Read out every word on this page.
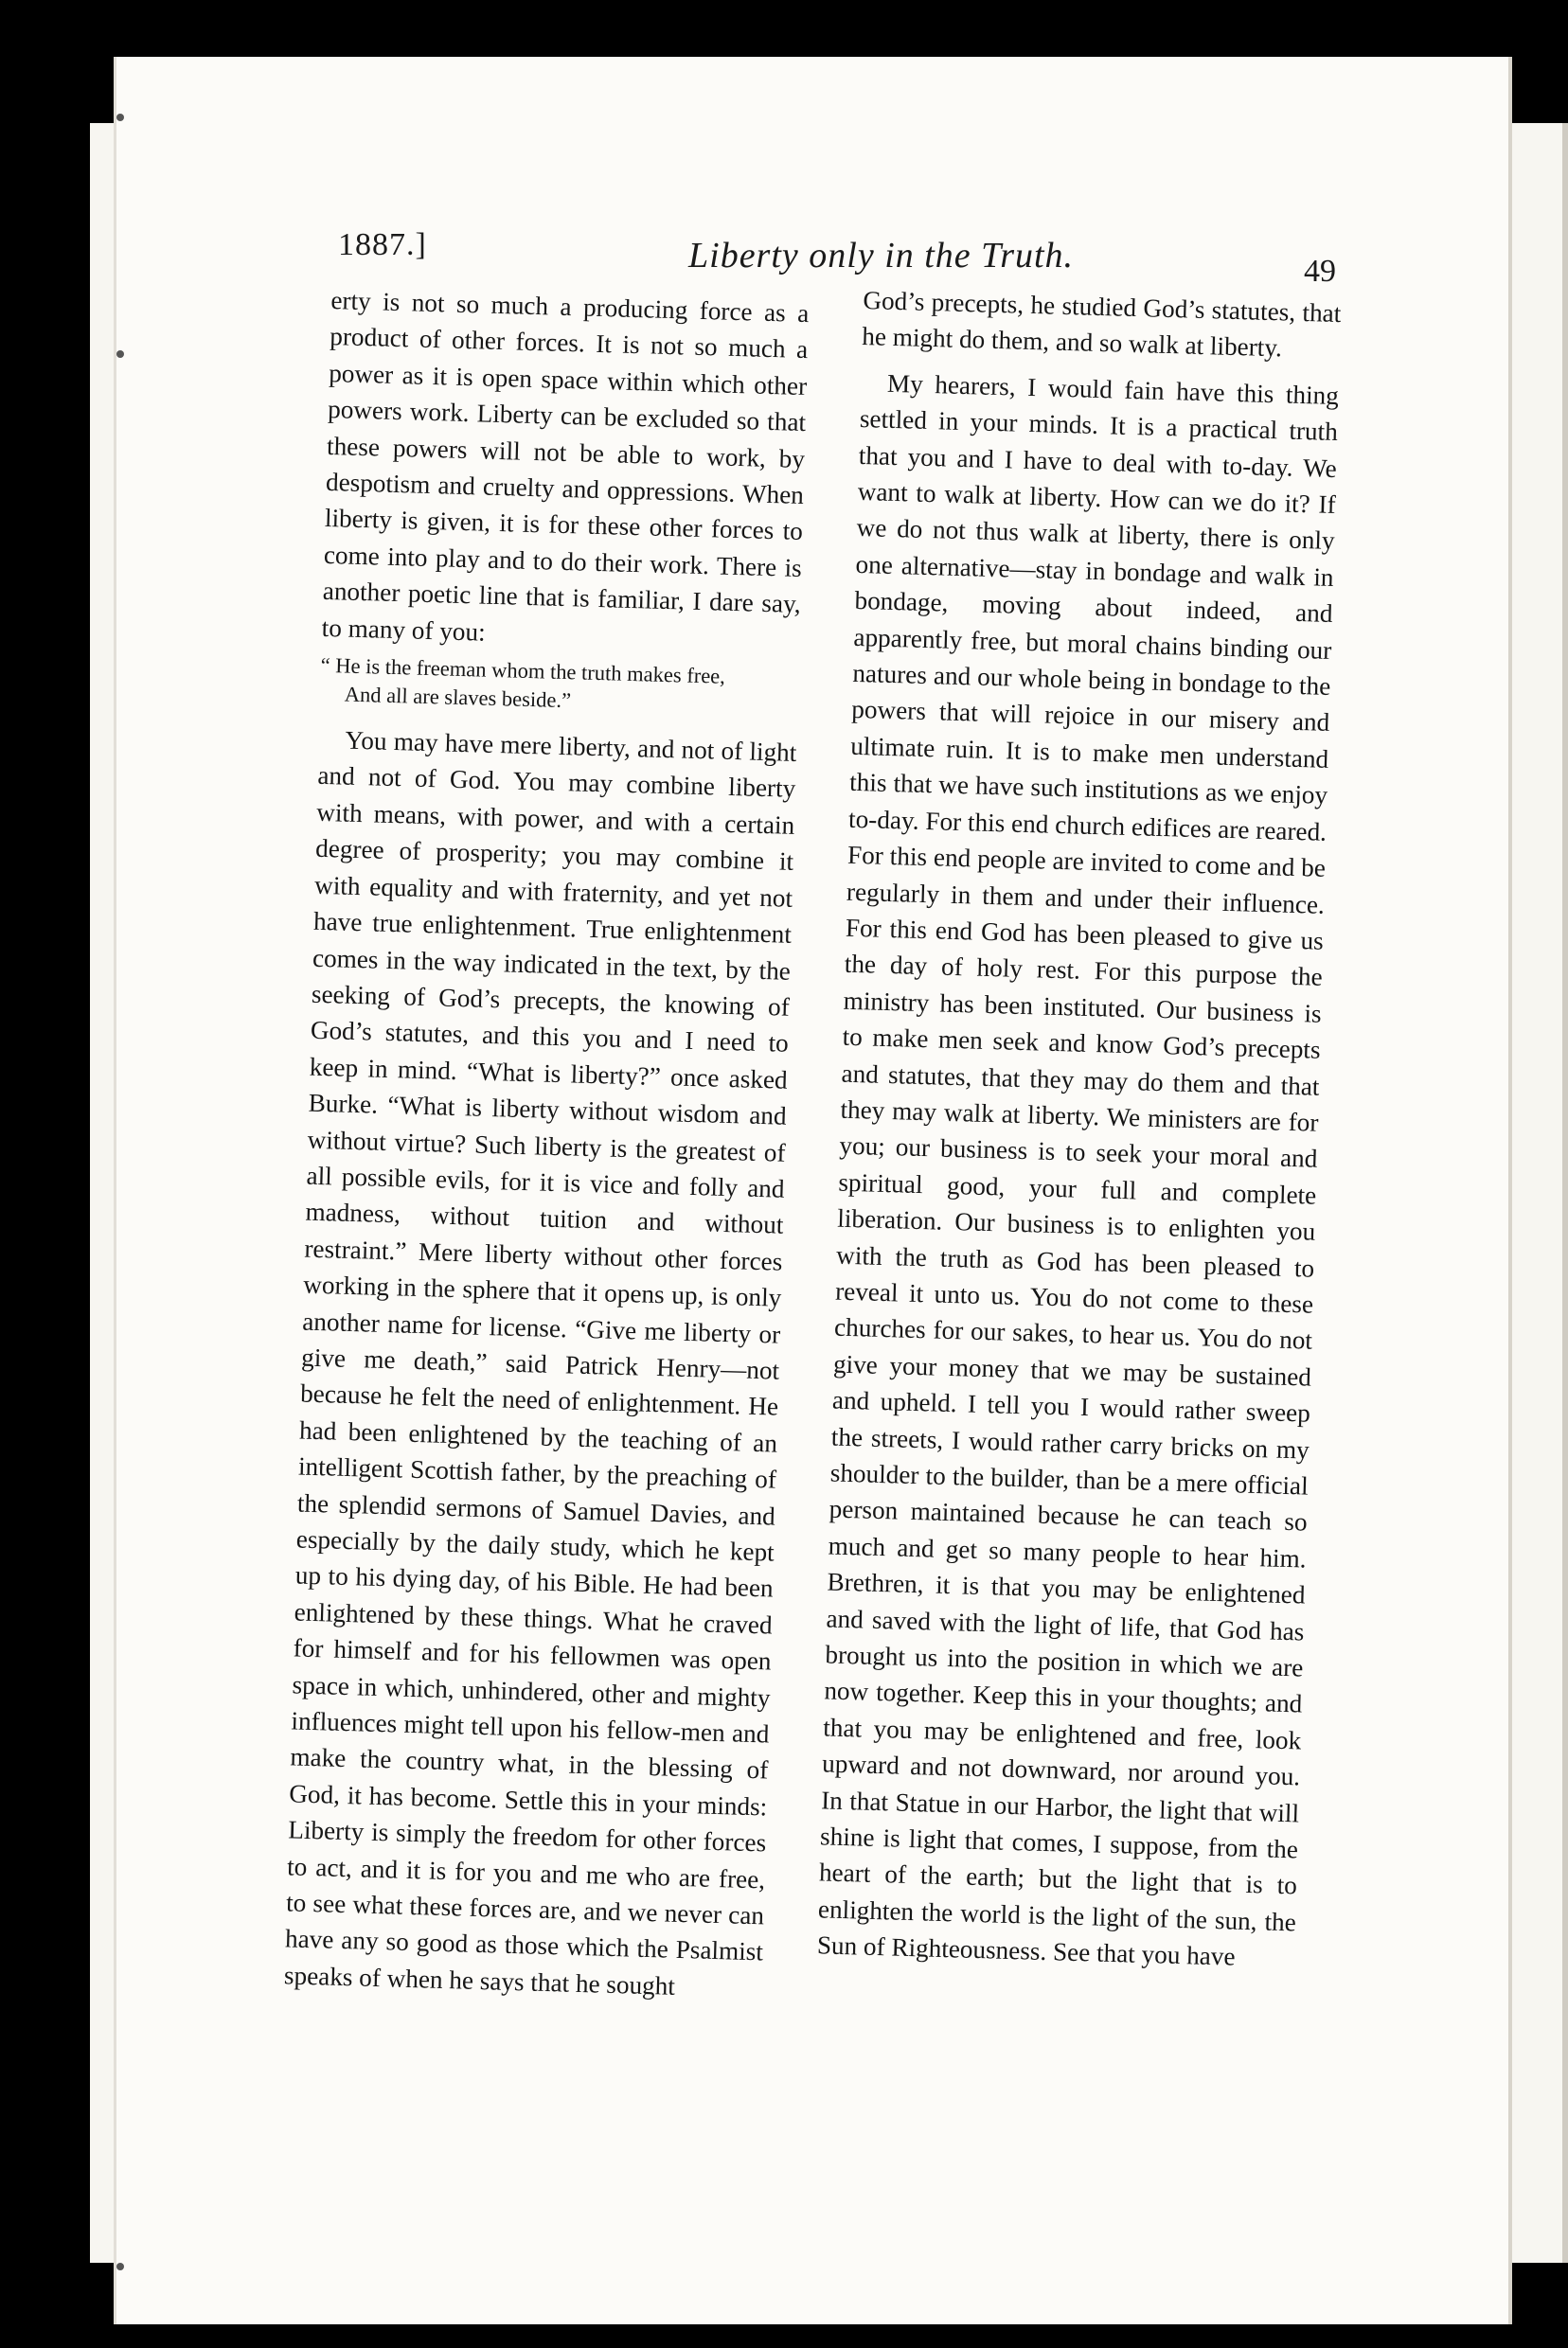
1887.]	Liberty only in the Truth.	49

erty is not so much a producing force as a product of other forces. It is not so much a power as it is open space within which other powers work. Liberty can be excluded so that these powers will not be able to work, by despotism and cruelty and oppressions. When liberty is given, it is for these other forces to come into play and to do their work. There is another poetic line that is familiar, I dare say, to many of you:

“ He is the freeman whom the truth makes free,
And all are slaves beside.”

You may have mere liberty, and not of light and not of God. You may combine liberty with means, with power, and with a certain degree of prosperity; you may combine it with equality and with fraternity, and yet not have true enlightenment. True enlightenment comes in the way indicated in the text, by the seeking of God’s precepts, the knowing of God’s statutes, and this you and I need to keep in mind. “What is liberty?” once asked Burke. “What is liberty without wisdom and without virtue? Such liberty is the greatest of all possible evils, for it is vice and folly and madness, without tuition and without restraint.” Mere liberty without other forces working in the sphere that it opens up, is only another name for license. “Give me liberty or give me death,” said Patrick Henry—not because he felt the need of enlightenment. He had been enlightened by the teaching of an intelligent Scottish father, by the preaching of the splendid sermons of Samuel Davies, and especially by the daily study, which he kept up to his dying day, of his Bible. He had been enlightened by these things. What he craved for himself and for his fellowmen was open space in which, unhindered, other and mighty influences might tell upon his fellow-men and make the country what, in the blessing of God, it has become. Settle this in your minds: Liberty is simply the freedom for other forces to act, and it is for you and me who are free, to see what these forces are, and we never can have any so good as those which the Psalmist speaks of when he says that he sought

God’s precepts, he studied God’s statutes, that he might do them, and so walk at liberty.

My hearers, I would fain have this thing settled in your minds. It is a practical truth that you and I have to deal with to-day. We want to walk at liberty. How can we do it? If we do not thus walk at liberty, there is only one alternative—stay in bondage and walk in bondage, moving about indeed, and apparently free, but moral chains binding our natures and our whole being in bondage to the powers that will rejoice in our misery and ultimate ruin. It is to make men understand this that we have such institutions as we enjoy to-day. For this end church edifices are reared. For this end people are invited to come and be regularly in them and under their influence. For this end God has been pleased to give us the day of holy rest. For this purpose the ministry has been instituted. Our business is to make men seek and know God’s precepts and statutes, that they may do them and that they may walk at liberty. We ministers are for you; our business is to seek your moral and spiritual good, your full and complete liberation. Our business is to enlighten you with the truth as God has been pleased to reveal it unto us. You do not come to these churches for our sakes, to hear us. You do not give your money that we may be sustained and upheld. I tell you I would rather sweep the streets, I would rather carry bricks on my shoulder to the builder, than be a mere official person maintained because he can teach so much and get so many people to hear him. Brethren, it is that you may be enlightened and saved with the light of life, that God has brought us into the position in which we are now together. Keep this in your thoughts; and that you may be enlightened and free, look upward and not downward, nor around you. In that Statue in our Harbor, the light that will shine is light that comes, I suppose, from the heart of the earth; but the light that is to enlighten the world is the light of the sun, the Sun of Righteousness. See that you have
